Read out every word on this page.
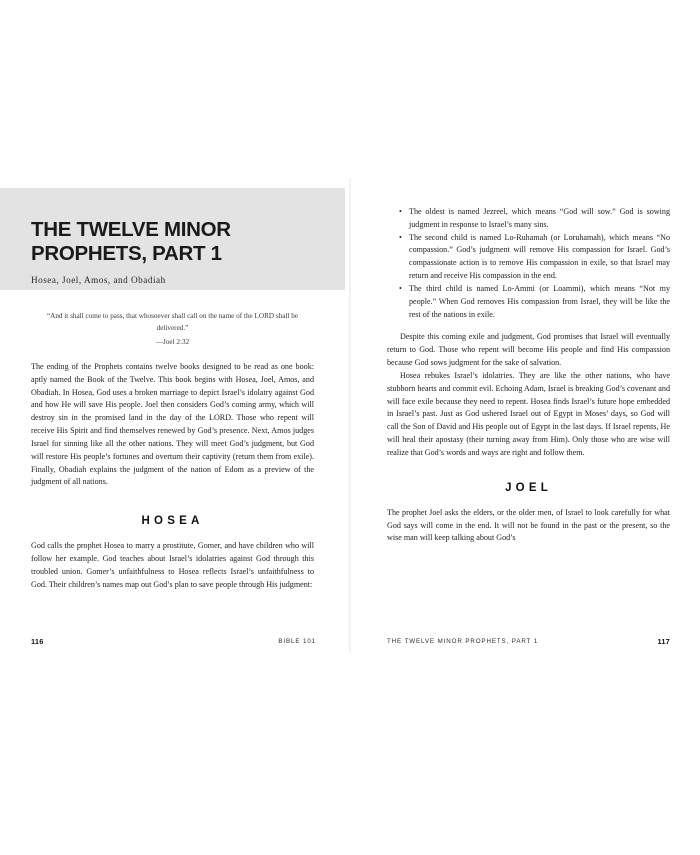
THE TWELVE MINOR PROPHETS, PART 1
Hosea, Joel, Amos, and Obadiah
“And it shall come to pass, that whosoever shall call on the name of the LORD shall be delivered.”
—Joel 2:32

The ending of the Prophets contains twelve books designed to be read as one book: aptly named the Book of the Twelve. This book begins with Hosea, Joel, Amos, and Obadiah. In Hosea, God uses a broken marriage to depict Israel’s idolatry against God and how He will save His people. Joel then considers God’s coming army, which will destroy sin in the promised land in the day of the LORD. Those who repent will receive His Spirit and find themselves renewed by God’s presence. Next, Amos judges Israel for sinning like all the other nations. They will meet God’s judgment, but God will restore His people’s fortunes and overturn their captivity (return them from exile). Finally, Obadiah explains the judgment of the nation of Edom as a preview of the judgment of all nations.

HOSEA

God calls the prophet Hosea to marry a prostitute, Gomer, and have children who will follow her example. God teaches about Israel’s idolatries against God through this troubled union. Gomer’s unfaithfulness to Hosea reflects Israel’s unfaithfulness to God. Their children’s names map out God’s plan to save people through His judgment:

116	BIBLE 101
• The oldest is named Jezreel, which means “God will sow.” God is sowing judgment in response to Israel’s many sins.
• The second child is named Lo-Ruhamah (or Loruhamah), which means “No compassion.” God’s judgment will remove His compassion for Israel. God’s compassionate action is to remove His compassion in exile, so that Israel may return and receive His compassion in the end.
• The third child is named Lo-Ammi (or Loammi), which means “Not my people.” When God removes His compassion from Israel, they will be like the rest of the nations in exile.

Despite this coming exile and judgment, God promises that Israel will eventually return to God. Those who repent will become His people and find His compassion because God sows judgment for the sake of salvation.

Hosea rebukes Israel’s idolatries. They are like the other nations, who have stubborn hearts and commit evil. Echoing Adam, Israel is breaking God’s covenant and will face exile because they need to repent. Hosea finds Israel’s future hope embedded in Israel’s past. Just as God ushered Israel out of Egypt in Moses’ days, so God will call the Son of David and His people out of Egypt in the last days. If Israel repents, He will heal their apostasy (their turning away from Him). Only those who are wise will realize that God’s words and ways are right and follow them.

JOEL

The prophet Joel asks the elders, or the older men, of Israel to look carefully for what God says will come in the end. It will not be found in the past or the present, so the wise man will keep talking about God’s

THE TWELVE MINOR PROPHETS, PART 1	117
